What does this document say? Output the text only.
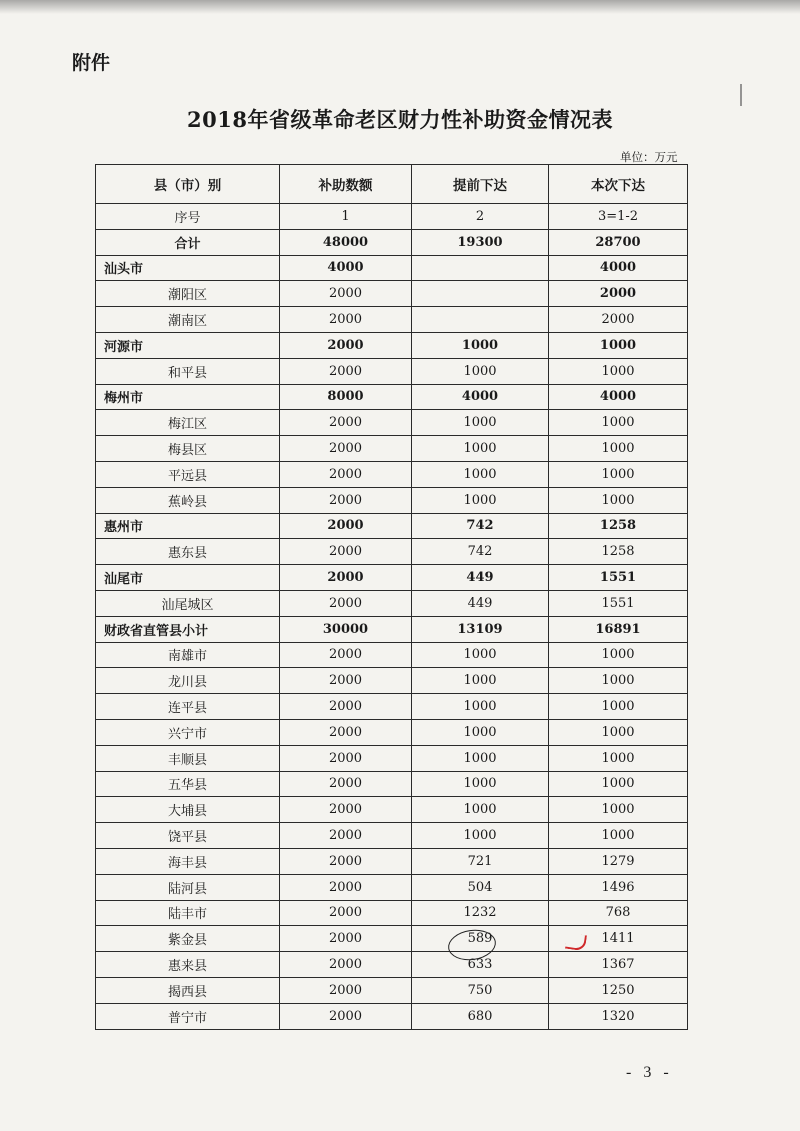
附件
2018年省级革命老区财力性补助资金情况表
单位：万元
县（市）别	补助数额	提前下达	本次下达
序号	1	2	3=1-2
合计	48000	19300	28700
汕头市	4000		4000
潮阳区	2000		2000
潮南区	2000		2000
河源市	2000	1000	1000
和平县	2000	1000	1000
梅州市	8000	4000	4000
梅江区	2000	1000	1000
梅县区	2000	1000	1000
平远县	2000	1000	1000
蕉岭县	2000	1000	1000
惠州市	2000	742	1258
惠东县	2000	742	1258
汕尾市	2000	449	1551
汕尾城区	2000	449	1551
财政省直管县小计	30000	13109	16891
南雄市	2000	1000	1000
龙川县	2000	1000	1000
连平县	2000	1000	1000
兴宁市	2000	1000	1000
丰顺县	2000	1000	1000
五华县	2000	1000	1000
大埔县	2000	1000	1000
饶平县	2000	1000	1000
海丰县	2000	721	1279
陆河县	2000	504	1496
陆丰市	2000	1232	768
紫金县	2000	589	1411
惠来县	2000	633	1367
揭西县	2000	750	1250
普宁市	2000	680	1320
- 3 -
